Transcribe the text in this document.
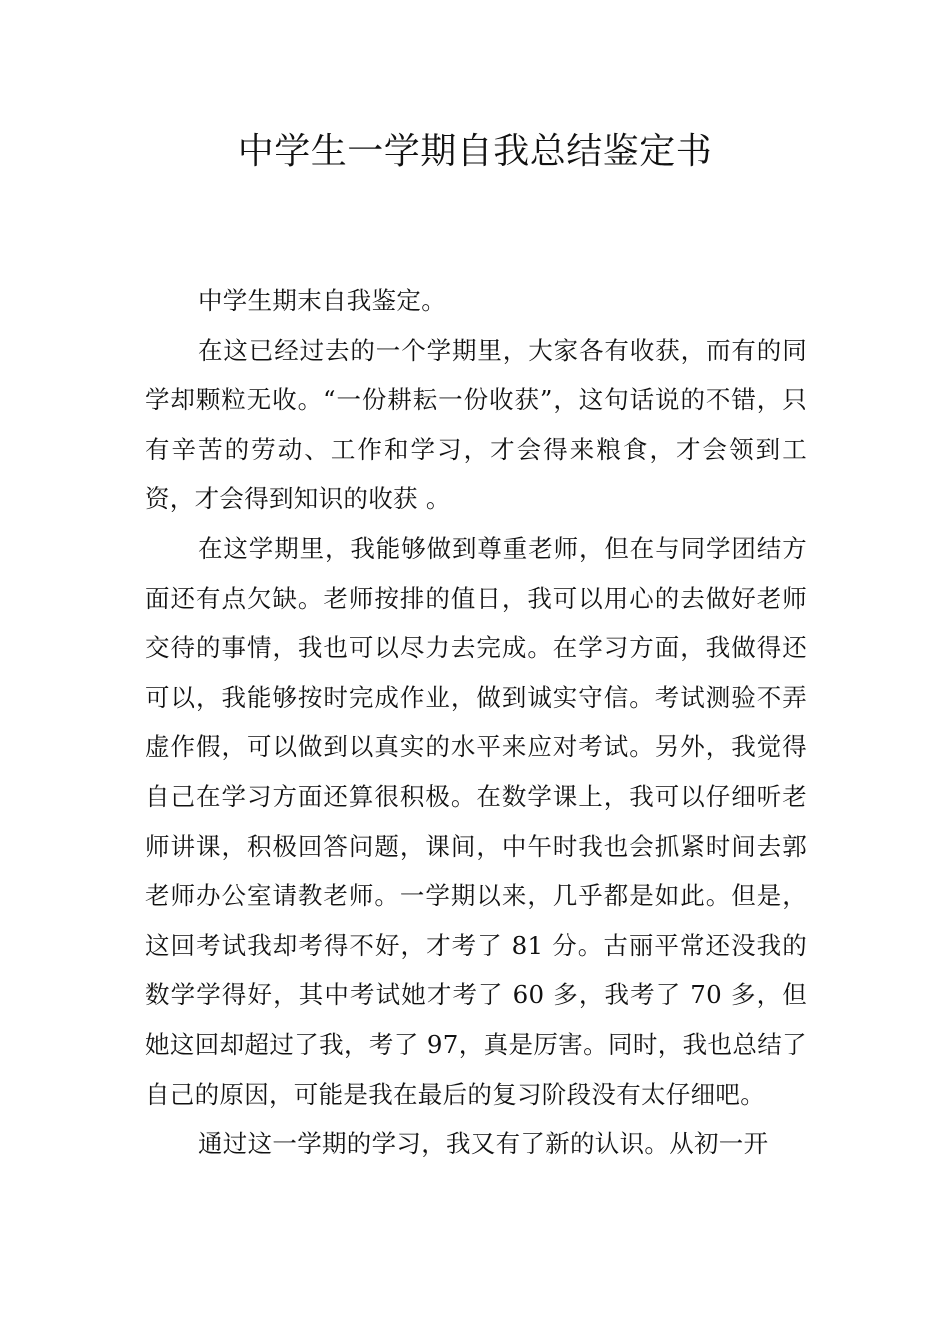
中学生一学期自我总结鉴定书

中学生期末自我鉴定。

在这已经过去的一个学期里，大家各有收获，而有的同学却颗粒无收。“一份耕耘一份收获”，这句话说的不错，只有辛苦的劳动、工作和学习，才会得来粮食，才会领到工资，才会得到知识的收获 。

在这学期里，我能够做到尊重老师，但在与同学团结方面还有点欠缺。老师按排的值日，我可以用心的去做好老师交待的事情，我也可以尽力去完成。在学习方面，我做得还可以，我能够按时完成作业，做到诚实守信。考试测验不弄虚作假，可以做到以真实的水平来应对考试。另外，我觉得自己在学习方面还算很积极。在数学课上，我可以仔细听老师讲课，积极回答问题，课间，中午时我也会抓紧时间去郭老师办公室请教老师。一学期以来，几乎都是如此。但是，这回考试我却考得不好，才考了 81 分。古丽平常还没我的数学学得好，其中考试她才考了 60 多，我考了 70 多，但她这回却超过了我，考了 97，真是厉害。同时，我也总结了自己的原因，可能是我在最后的复习阶段没有太仔细吧。

通过这一学期的学习，我又有了新的认识。从初一开
